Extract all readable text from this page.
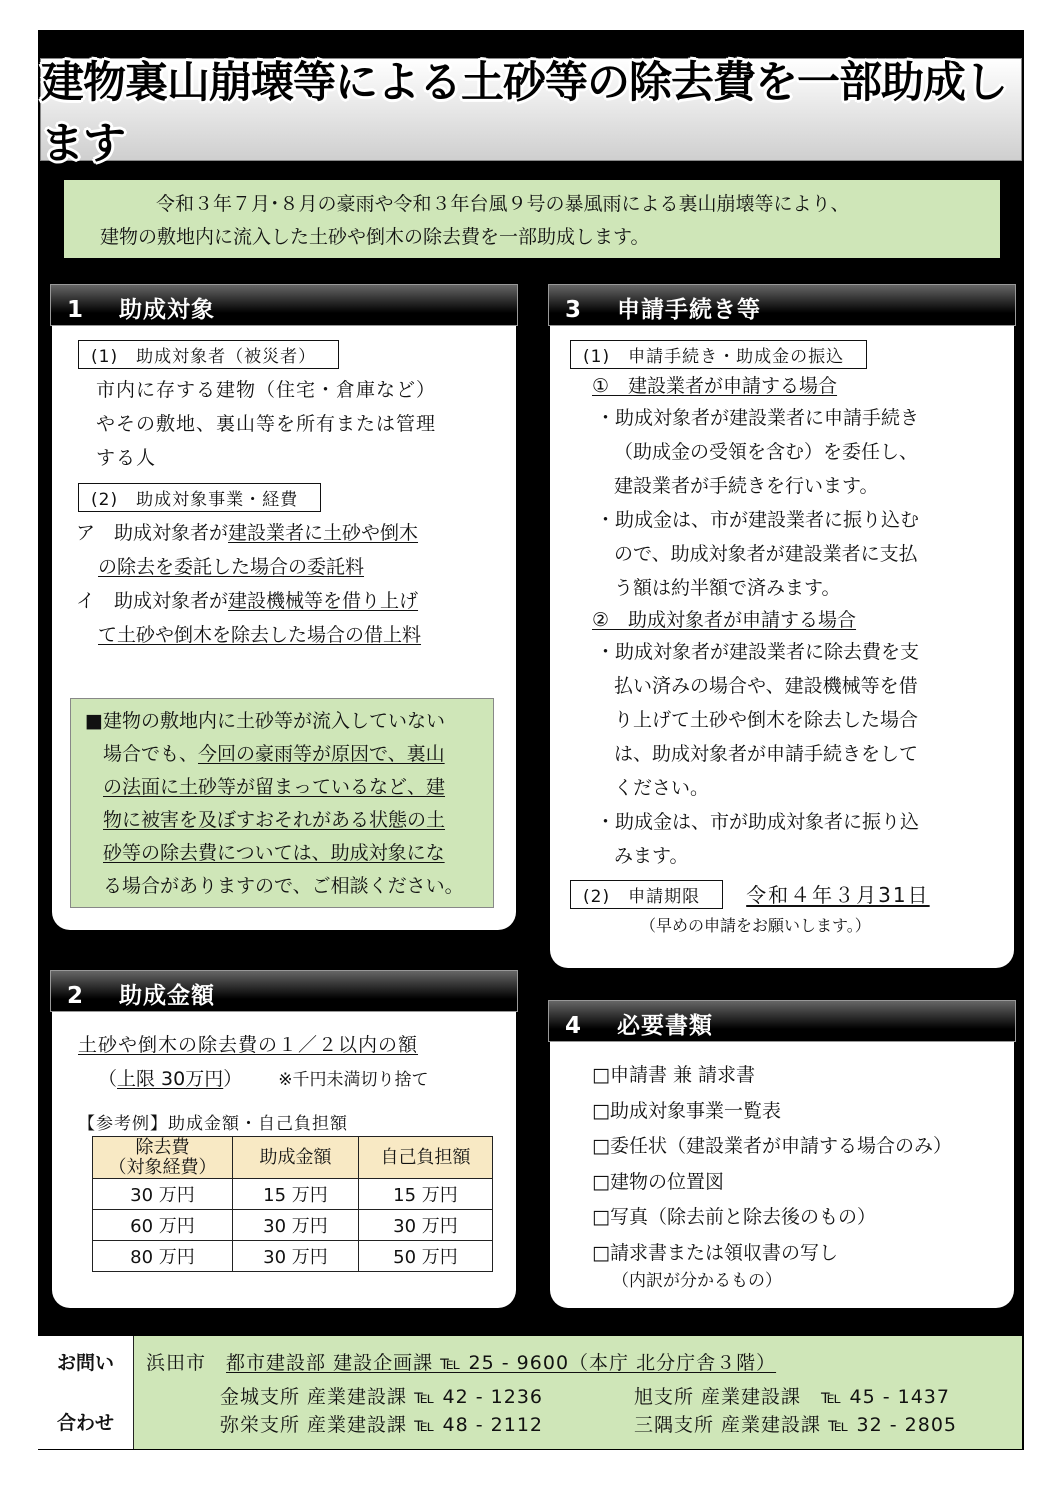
建物裏山崩壊等による土砂等の除去費を一部助成します

令和３年７月･８月の豪雨や令和３年台風９号の暴風雨による裏山崩壊等により、

建物の敷地内に流入した土砂や倒木の除去費を一部助成します。

1 助成対象
(1)　助成対象者（被災者）
市内に存する建物（住宅・倉庫など）
やその敷地、裏山等を所有または管理
する人
(2)　助成対象事業・経費
ア　助成対象者が建設業者に土砂や倒木
の除去を委託した場合の委託料
イ　助成対象者が建設機械等を借り上げ
て土砂や倒木を除去した場合の借上料
■建物の敷地内に土砂等が流入していない
場合でも、今回の豪雨等が原因で、裏山
の法面に土砂等が留まっているなど、建
物に被害を及ぼすおそれがある状態の土
砂等の除去費については、助成対象にな
る場合がありますので、ご相談ください。
2 助成金額
土砂や倒木の除去費の１／２以内の額
（上限 30万円） ※千円未満切り捨て
【参考例】助成金額・自己負担額
除去費
（対象経費）	助成金額	自己負担額
30 万円	15 万円	15 万円
60 万円	30 万円	30 万円
80 万円	30 万円	50 万円
3 申請手続き等
(1)　申請手続き・助成金の振込
①　建設業者が申請する場合
・助成対象者が建設業者に申請手続き
（助成金の受領を含む）を委任し、
建設業者が手続きを行います。
・助成金は、市が建設業者に振り込む
ので、助成対象者が建設業者に支払
う額は約半額で済みます。
②　助成対象者が申請する場合
・助成対象者が建設業者に除去費を支
払い済みの場合や、建設機械等を借
り上げて土砂や倒木を除去した場合
は、助成対象者が申請手続きをして
ください。
・助成金は、市が助成対象者に振り込
みます。
(2)　申請期限 令和４年３月31日
（早めの申請をお願いします。）
4 必要書類
□申請書 兼 請求書
□助成対象事業一覧表
□委任状（建設業者が申請する場合のみ）
□建物の位置図
□写真（除去前と除去後のもの）
□請求書または領収書の写し
（内訳が分かるもの）
お問い

合わせ
浜田市　 都市建設部 建設企画課 ℡ 25 - 9600（本庁 北分庁舎３階）
金城支所 産業建設課 ℡ 42 - 1236	旭支所 産業建設課　℡ 45 - 1437
弥栄支所 産業建設課 ℡ 48 - 2112	三隅支所 産業建設課 ℡ 32 - 2805
